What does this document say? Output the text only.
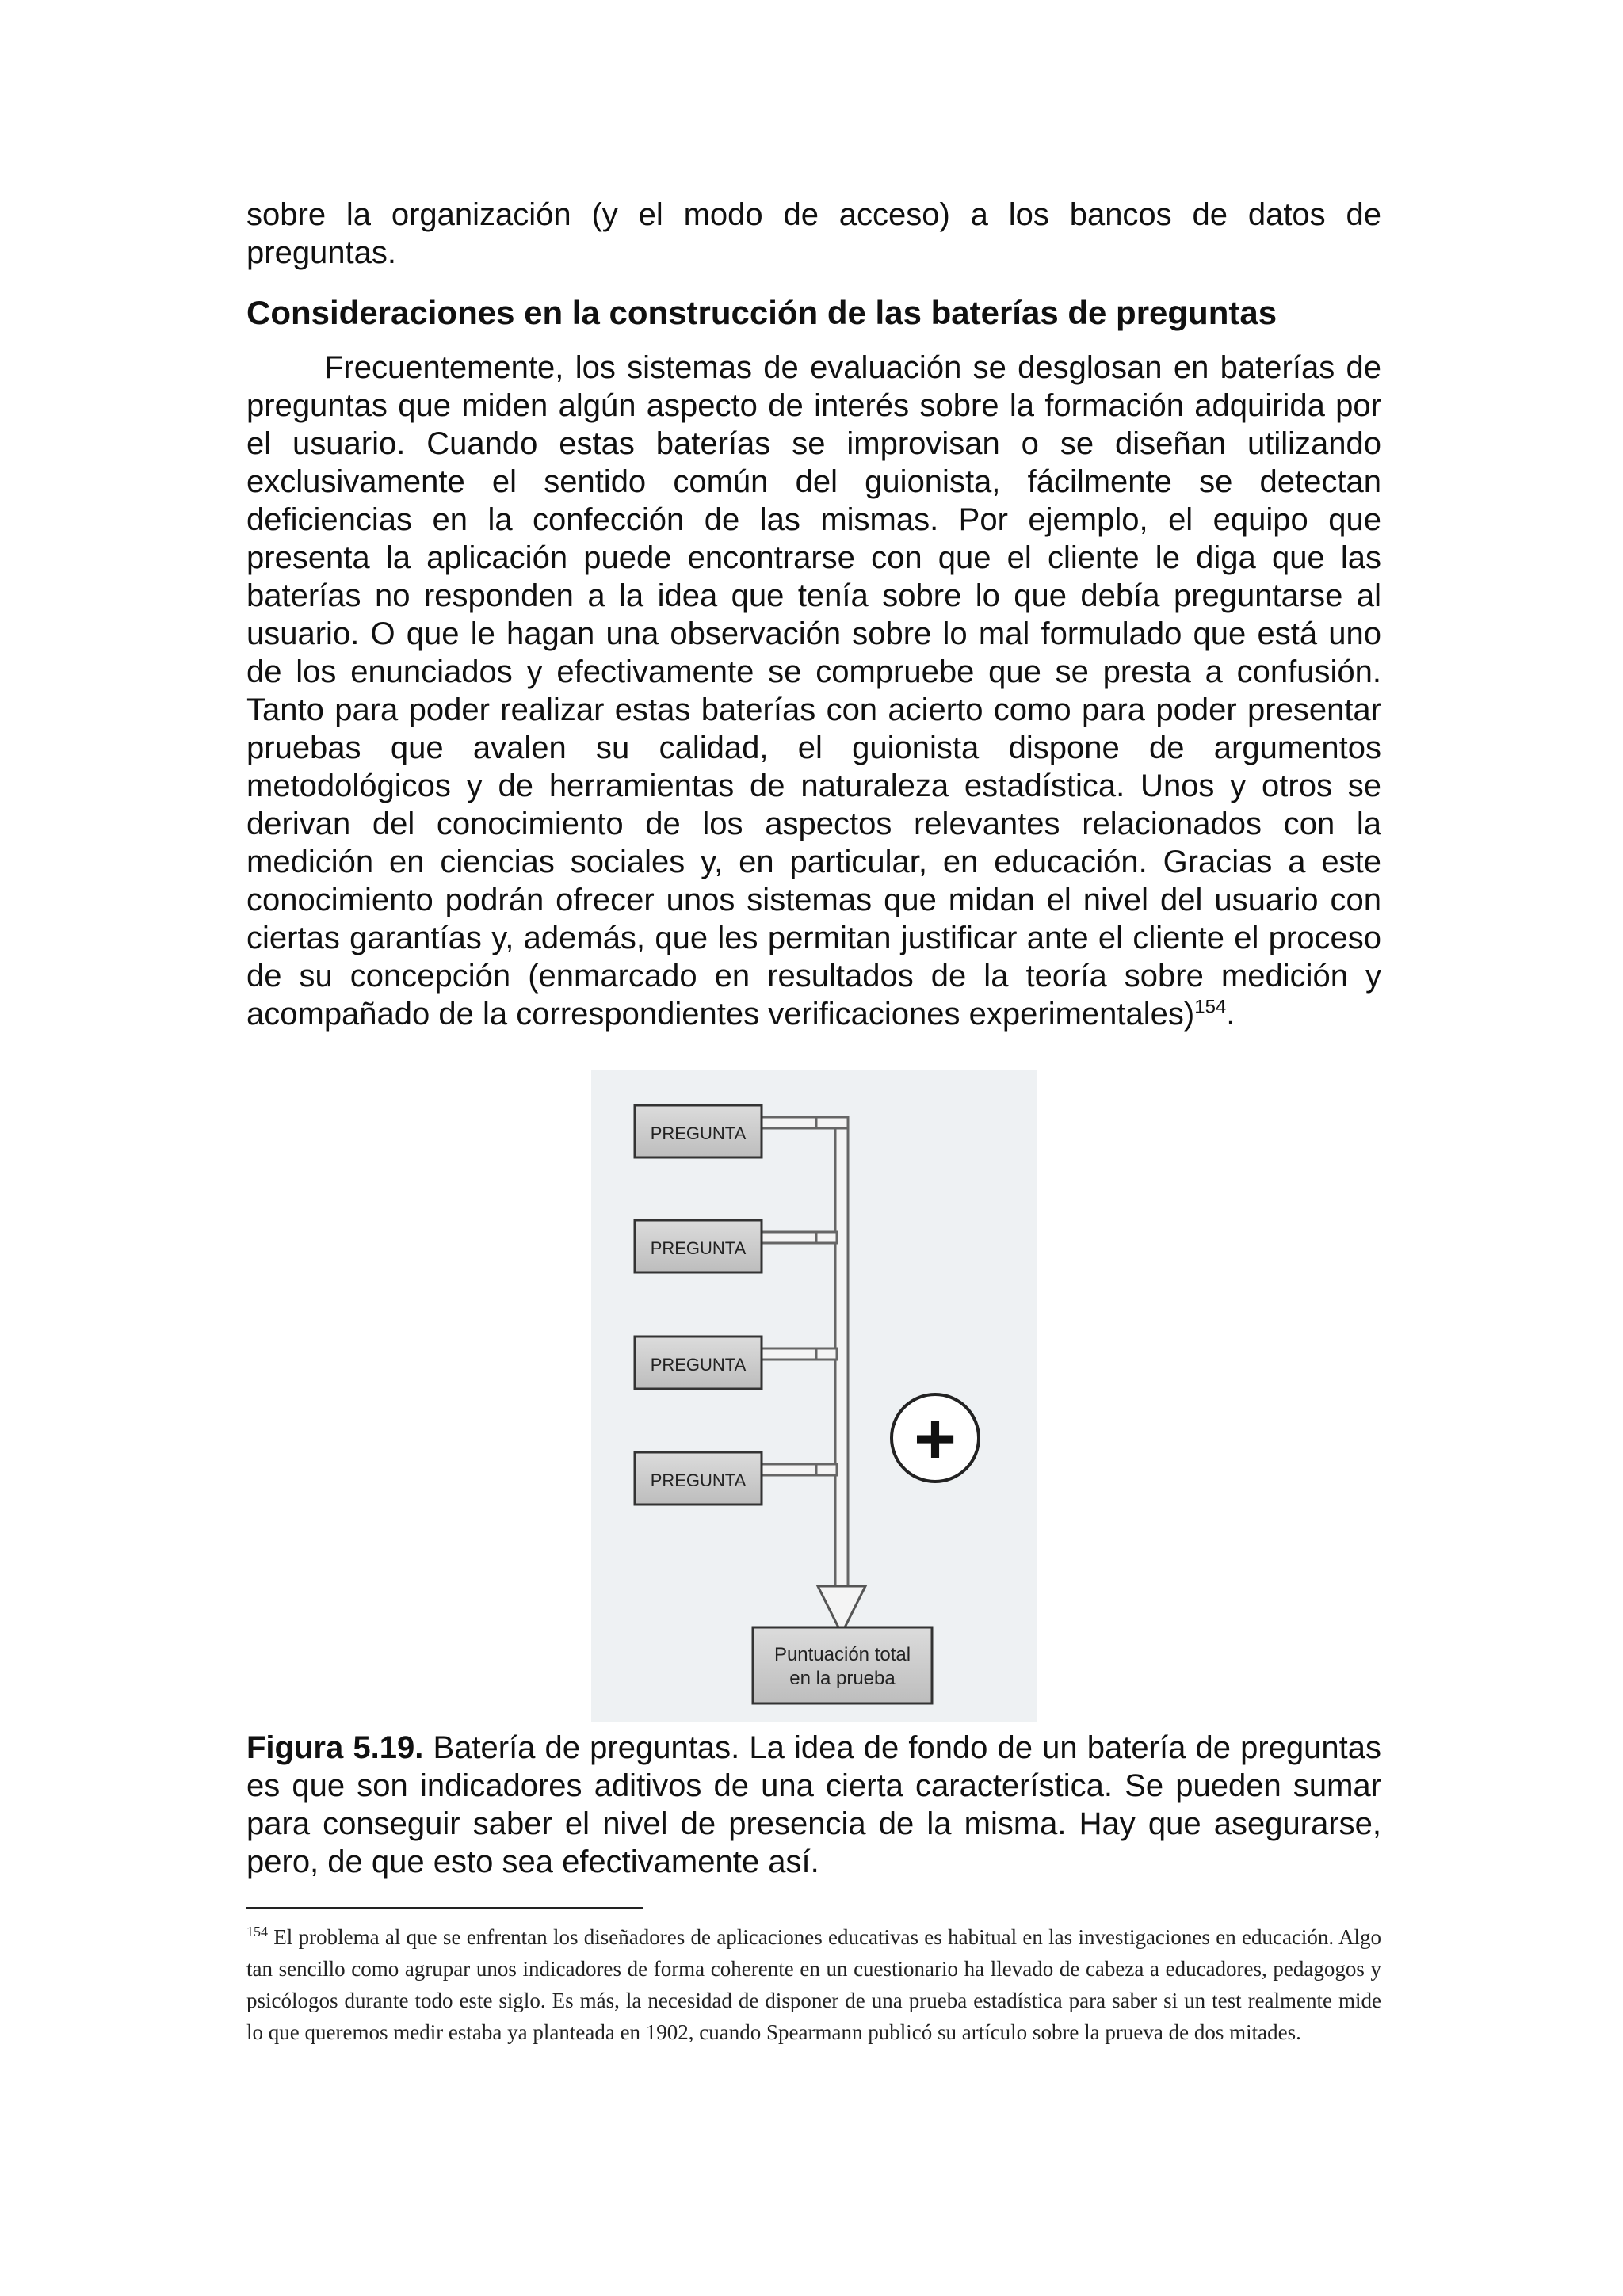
sobre la organización (y el modo de acceso) a los bancos de datos de preguntas.

Consideraciones en la construcción de las baterías de preguntas

Frecuentemente, los sistemas de evaluación se desglosan en baterías de preguntas que miden algún aspecto de interés sobre la formación adquirida por el usuario. Cuando estas baterías se improvisan o se diseñan utilizando exclusivamente el sentido común del guionista, fácilmente se detectan deficiencias en la confección de las mismas. Por ejemplo, el equipo que presenta la aplicación puede encontrarse con que el cliente le diga que las baterías no responden a la idea que tenía sobre lo que debía preguntarse al usuario. O que le hagan una observación sobre lo mal formulado que está uno de los enunciados y efectivamente se compruebe que se presta a confusión. Tanto para poder realizar estas baterías con acierto como para poder presentar pruebas que avalen su calidad, el guionista dispone de argumentos metodológicos y de herramientas de naturaleza estadística. Unos y otros se derivan del conocimiento de los aspectos relevantes relacionados con la medición en ciencias sociales y, en particular, en educación. Gracias a este conocimiento podrán ofrecer unos sistemas que midan el nivel del usuario con ciertas garantías y, además, que les permitan justificar ante el cliente el proceso de su concepción (enmarcado en resultados de la teoría sobre medición y acompañado de la correspondientes verificaciones experimentales)$^{154}$.

PREGUNTA
PREGUNTA
PREGUNTA
PREGUNTA
+
Puntuación total
en la prueba

Figura 5.19. Batería de preguntas. La idea de fondo de un batería de preguntas es que son indicadores aditivos de una cierta característica. Se pueden sumar para conseguir saber el nivel de presencia de la misma. Hay que asegurarse, pero, de que esto sea efectivamente así.

$^{154}$ El problema al que se enfrentan los diseñadores de aplicaciones educativas es habitual en las investigaciones en educación. Algo tan sencillo como agrupar unos indicadores de forma coherente en un cuestionario ha llevado de cabeza a educadores, pedagogos y psicólogos durante todo este siglo. Es más, la necesidad de disponer de una prueba estadística para saber si un test realmente mide lo que queremos medir estaba ya planteada en 1902, cuando Spearmann publicó su artículo sobre la prueva de dos mitades.
